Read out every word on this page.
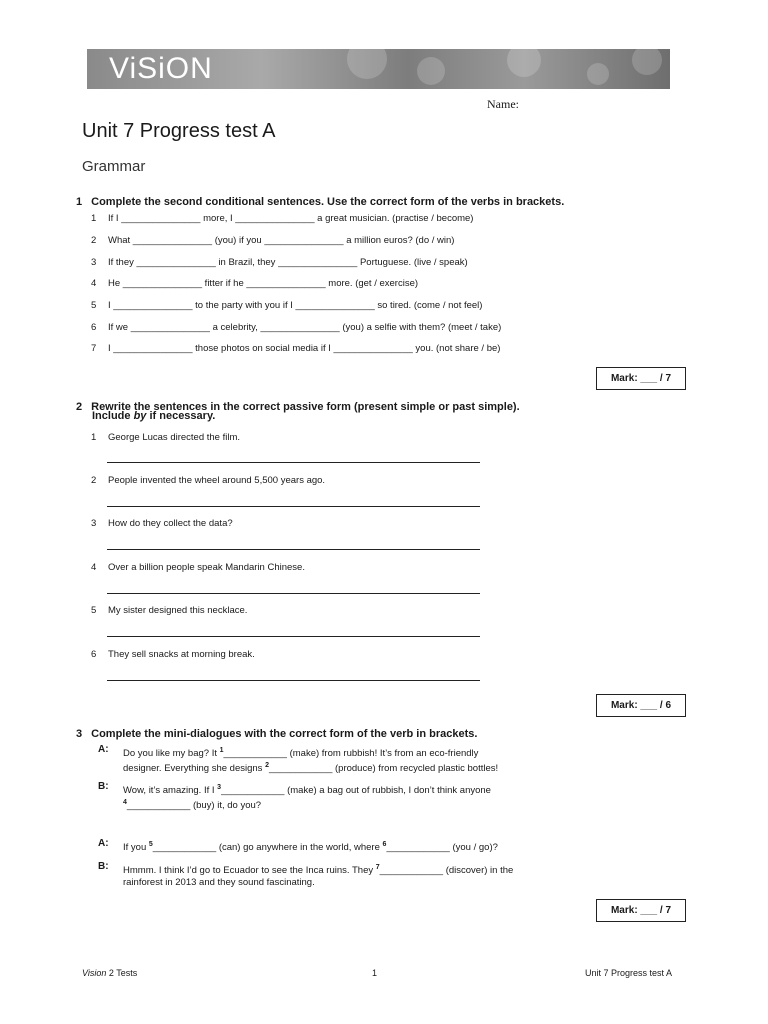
ViSiON
Name:
Unit 7 Progress test A
Grammar
1 Complete the second conditional sentences. Use the correct form of the verbs in brackets.
1 If I _______________ more, I _______________ a great musician. (practise / become)
2 What _______________ (you) if you _______________ a million euros? (do / win)
3 If they _______________ in Brazil, they _______________ Portuguese. (live / speak)
4 He _______________ fitter if he _______________ more. (get / exercise)
5 I _______________ to the party with you if I _______________ so tired. (come / not feel)
6 If we _______________ a celebrity, _______________ (you) a selfie with them? (meet / take)
7 I _______________ those photos on social media if I _______________ you. (not share / be)
Mark: ___ / 7
2 Rewrite the sentences in the correct passive form (present simple or past simple).
Include by if necessary.
1 George Lucas directed the film.
2 People invented the wheel around 5,500 years ago.
3 How do they collect the data?
4 Over a billion people speak Mandarin Chinese.
5 My sister designed this necklace.
6 They sell snacks at morning break.
Mark: ___ / 6
3 Complete the mini-dialogues with the correct form of the verb in brackets.
A: Do you like my bag? It $^1$____________ (make) from rubbish! It’s from an eco-friendly
designer. Everything she designs $^2$____________ (produce) from recycled plastic bottles!
B: Wow, it’s amazing. If I $^3$____________ (make) a bag out of rubbish, I don’t think anyone
$^4$____________ (buy) it, do you?
A: If you $^5$____________ (can) go anywhere in the world, where $^6$____________ (you / go)?
B: Hmmm. I think I’d go to Ecuador to see the Inca ruins. They $^7$____________ (discover) in the
rainforest in 2013 and they sound fascinating.
Mark: ___ / 7
Vision 2 Tests	1	Unit 7 Progress test A
